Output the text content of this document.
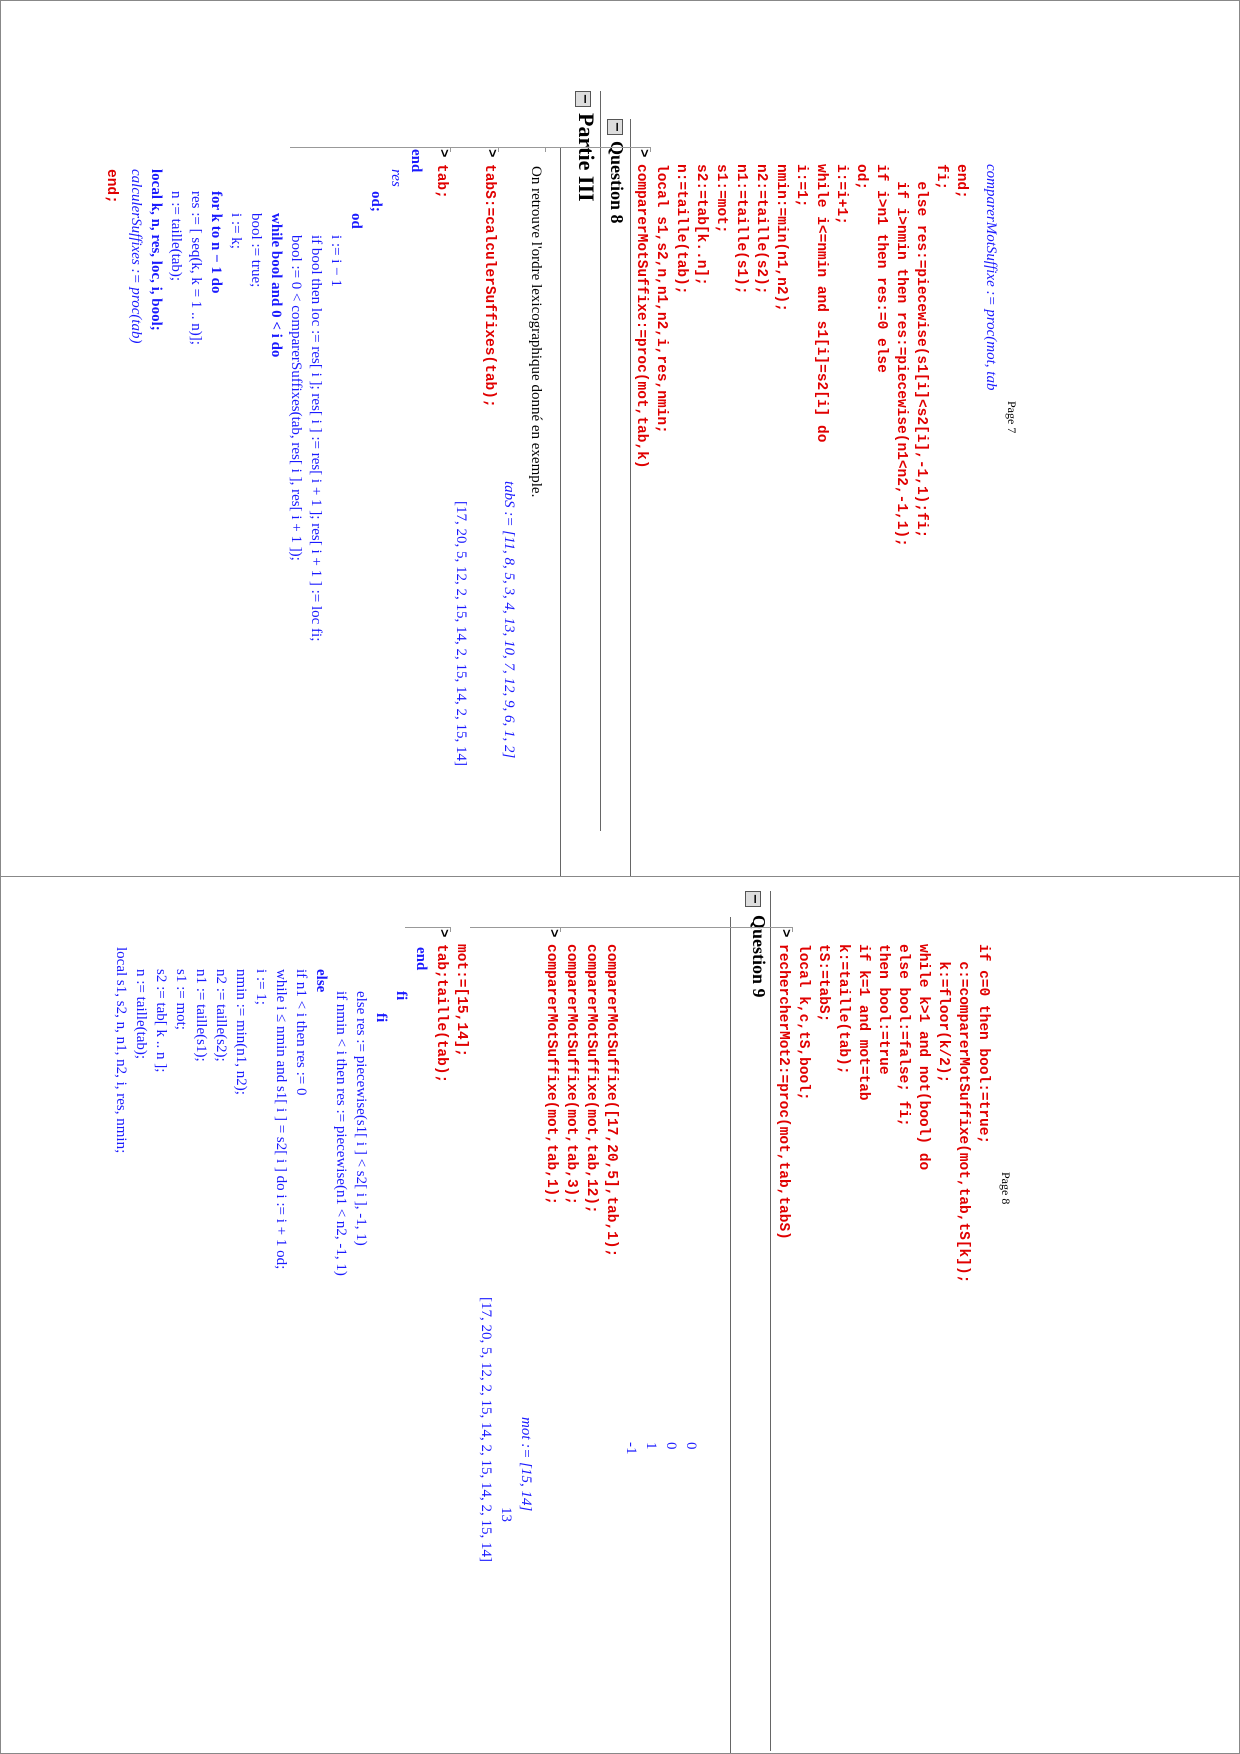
end; calculerSuffixes := proc(tab) local k, n, res, loc, i, bool; n := taille(tab); res := [ seq(k, k = 1 .. n)]; for k to n − 1 do i := k; bool := true; while bool and 0 < i do bool := 0 < comparerSuffixes(tab, res[ i ], res[ i + 1 ]); if bool then loc := res[ i ]; res[ i ] := res[ i + 1 ]; res[ i + 1 ] := loc fi; i := i − 1
od
od;
res
end >
tab;
[17, 20, 5, 12, 2, 15, 14, 2, 15, 14, 2, 15, 14]
>
tabS:=calculerSuffixes(tab);
tabS := [11, 8, 5, 3, 4, 13, 10, 7, 12, 9, 6, 1, 2]
On retrouve l'ordre lexicographique donné en exemple.
−
Partie III −
Question 8 >
comparerMotSuffixe:=proc(mot,tab,k) local s1,s2,n,n1,n2,i,res,nmin; n:=taille(tab); s2:=tab[k..n]; s1:=mot; n1:=taille(s1); n2:=taille(s2); nmin:=min(n1,n2); i:=1; while i<=nmin and s1[i]=s2[i] do i:=i+1; od; if i>n1 then res:=0 else if i>nmin then res:=piecewise(n1<n2,-1,1); else res:=piecewise(s1[i]<s2[i],-1,1);fi; fi; end; comparerMotSuffixe := proc(mot, tab
Page 7
local s1, s2, n, n1, n2, i, res, nmin; n := taille(tab); s2 := tab[ k .. n ]; s1 := mot; n1 := taille(s1); n2 := taille(s2); nmin := min(n1, n2); i := 1; while i ≤ nmin and s1[ i ] = s2[ i ] do i := i + 1 od; if n1 < i then res := 0 else
if nmin < i then res := piecewise(n1 < n2, -1, 1) else res := piecewise(s1[ i ] < s2[ i ], -1, 1) fi
fi
end
>
tab;taille(tab); mot:=[15,14];
[17, 20, 5, 12, 2, 15, 14, 2, 15, 14, 2, 15, 14] 13
mot := [15, 14]
>
comparerMotSuffixe(mot,tab,1); comparerMotSuffixe(mot,tab,3); comparerMotSuffixe(mot,tab,12); comparerMotSuffixe([17,20,5],tab,1);
-1 1 0 0
−
Question 9 >
rechercherMot2:=proc(mot,tab,tabS) local k,c,tS,bool; tS:=tabS; k:=taille(tab); if k=1 and mot=tab then bool:=true else bool:=false; fi; while k>1 and not(bool) do k:=floor(k/2); c:=comparerMotSuffixe(mot,tab,tS[k]); if c=0 then bool:=true;
Page 8
